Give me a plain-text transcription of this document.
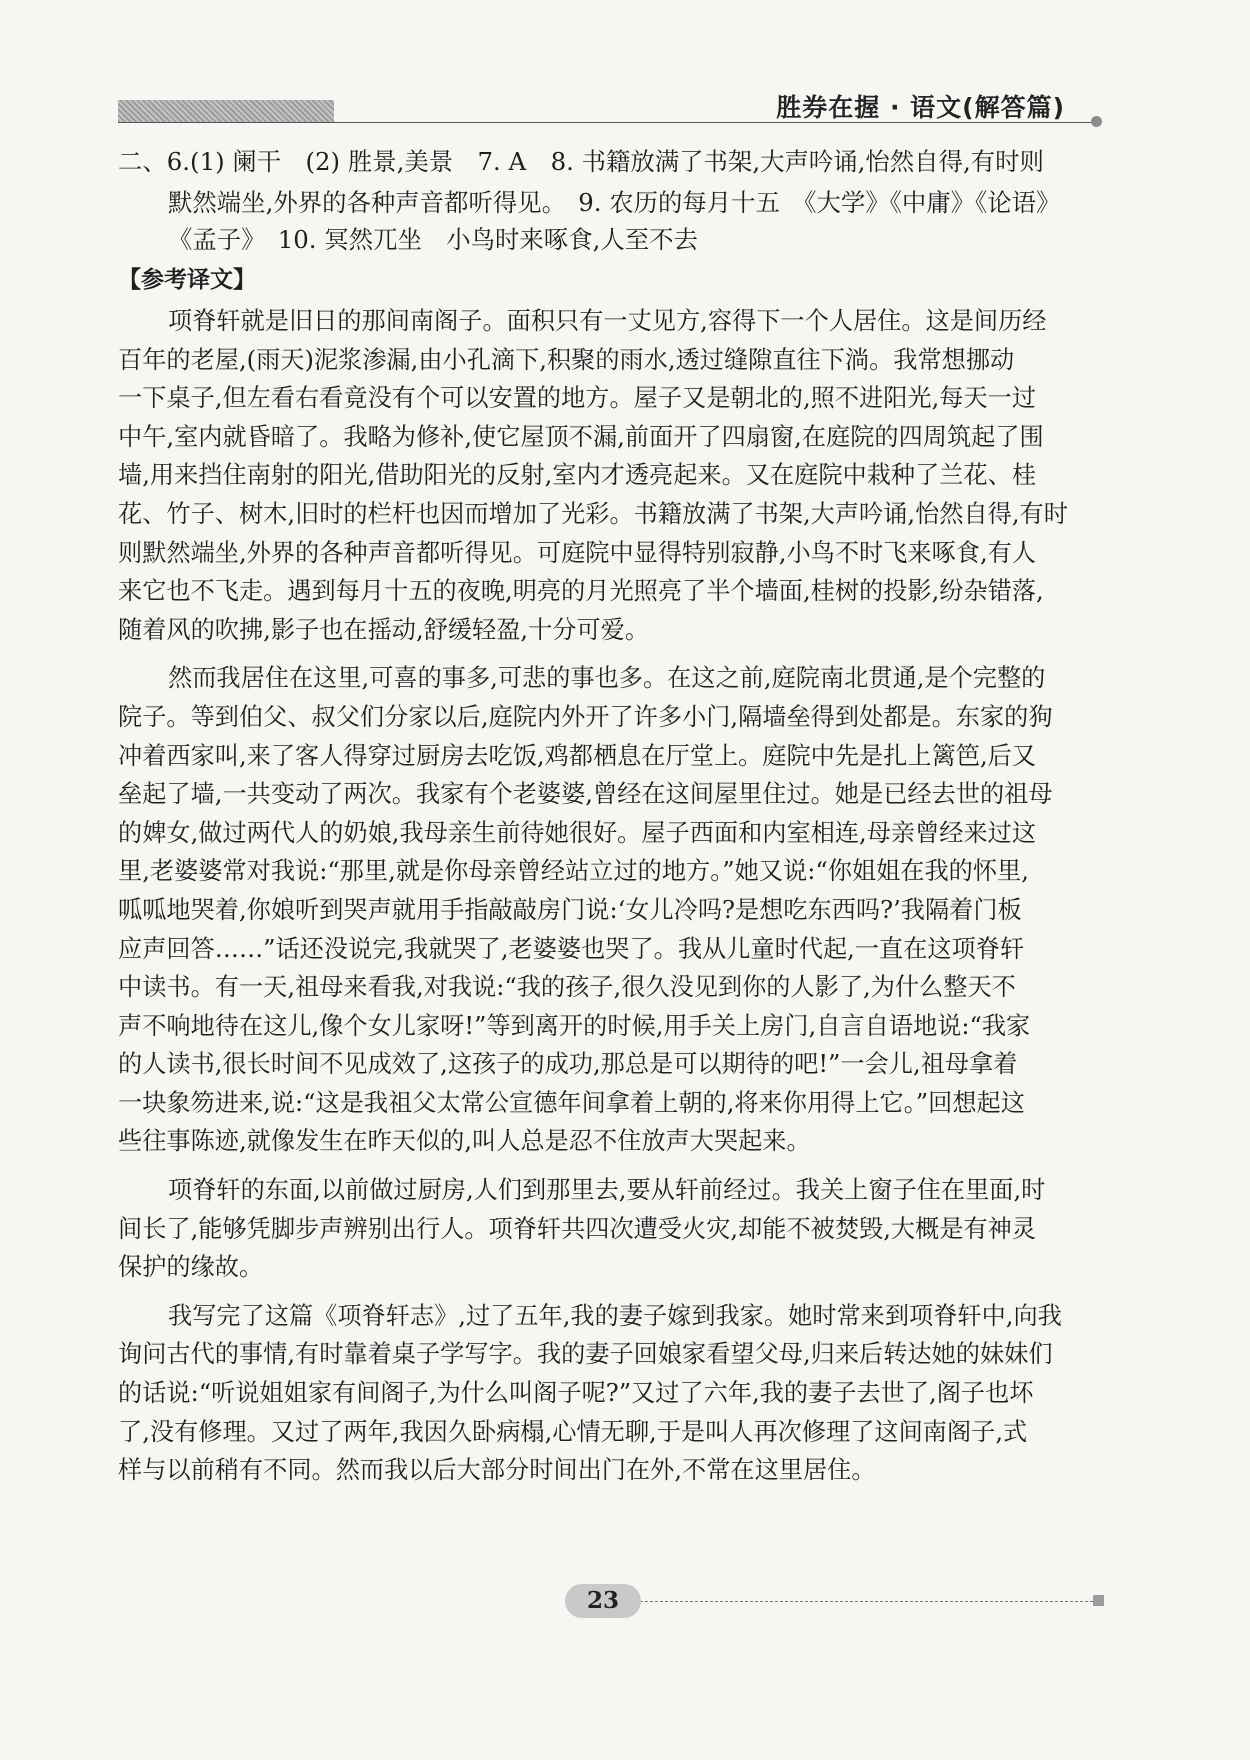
胜券在握 · 语文(解答篇)
二、6.(1) 阑干　(2) 胜景,美景　7. A　8. 书籍放满了书架,大声吟诵,怡然自得,有时则
默然端坐,外界的各种声音都听得见。　9. 农历的每月十五　《大学》《中庸》《论语》
《孟子》　10. 冥然兀坐　小鸟时来啄食,人至不去
【参考译文】
项脊轩就是旧日的那间南阁子。面积只有一丈见方,容得下一个人居住。这是间历经
百年的老屋,(雨天)泥浆渗漏,由小孔滴下,积聚的雨水,透过缝隙直往下淌。我常想挪动
一下桌子,但左看右看竟没有个可以安置的地方。屋子又是朝北的,照不进阳光,每天一过
中午,室内就昏暗了。我略为修补,使它屋顶不漏,前面开了四扇窗,在庭院的四周筑起了围
墙,用来挡住南射的阳光,借助阳光的反射,室内才透亮起来。又在庭院中栽种了兰花、桂
花、竹子、树木,旧时的栏杆也因而增加了光彩。书籍放满了书架,大声吟诵,怡然自得,有时
则默然端坐,外界的各种声音都听得见。可庭院中显得特别寂静,小鸟不时飞来啄食,有人
来它也不飞走。遇到每月十五的夜晚,明亮的月光照亮了半个墙面,桂树的投影,纷杂错落,
随着风的吹拂,影子也在摇动,舒缓轻盈,十分可爱。
然而我居住在这里,可喜的事多,可悲的事也多。在这之前,庭院南北贯通,是个完整的
院子。等到伯父、叔父们分家以后,庭院内外开了许多小门,隔墙垒得到处都是。东家的狗
冲着西家叫,来了客人得穿过厨房去吃饭,鸡都栖息在厅堂上。庭院中先是扎上篱笆,后又
垒起了墙,一共变动了两次。我家有个老婆婆,曾经在这间屋里住过。她是已经去世的祖母
的婢女,做过两代人的奶娘,我母亲生前待她很好。屋子西面和内室相连,母亲曾经来过这
里,老婆婆常对我说:“那里,就是你母亲曾经站立过的地方。”她又说:“你姐姐在我的怀里,
呱呱地哭着,你娘听到哭声就用手指敲敲房门说:‘女儿冷吗?是想吃东西吗?’我隔着门板
应声回答……”话还没说完,我就哭了,老婆婆也哭了。我从儿童时代起,一直在这项脊轩
中读书。有一天,祖母来看我,对我说:“我的孩子,很久没见到你的人影了,为什么整天不
声不响地待在这儿,像个女儿家呀!”等到离开的时候,用手关上房门,自言自语地说:“我家
的人读书,很长时间不见成效了,这孩子的成功,那总是可以期待的吧!”一会儿,祖母拿着
一块象笏进来,说:“这是我祖父太常公宣德年间拿着上朝的,将来你用得上它。”回想起这
些往事陈迹,就像发生在昨天似的,叫人总是忍不住放声大哭起来。
项脊轩的东面,以前做过厨房,人们到那里去,要从轩前经过。我关上窗子住在里面,时
间长了,能够凭脚步声辨别出行人。项脊轩共四次遭受火灾,却能不被焚毁,大概是有神灵
保护的缘故。
我写完了这篇《项脊轩志》,过了五年,我的妻子嫁到我家。她时常来到项脊轩中,向我
询问古代的事情,有时靠着桌子学写字。我的妻子回娘家看望父母,归来后转达她的妹妹们
的话说:“听说姐姐家有间阁子,为什么叫阁子呢?”又过了六年,我的妻子去世了,阁子也坏
了,没有修理。又过了两年,我因久卧病榻,心情无聊,于是叫人再次修理了这间南阁子,式
样与以前稍有不同。然而我以后大部分时间出门在外,不常在这里居住。
23
